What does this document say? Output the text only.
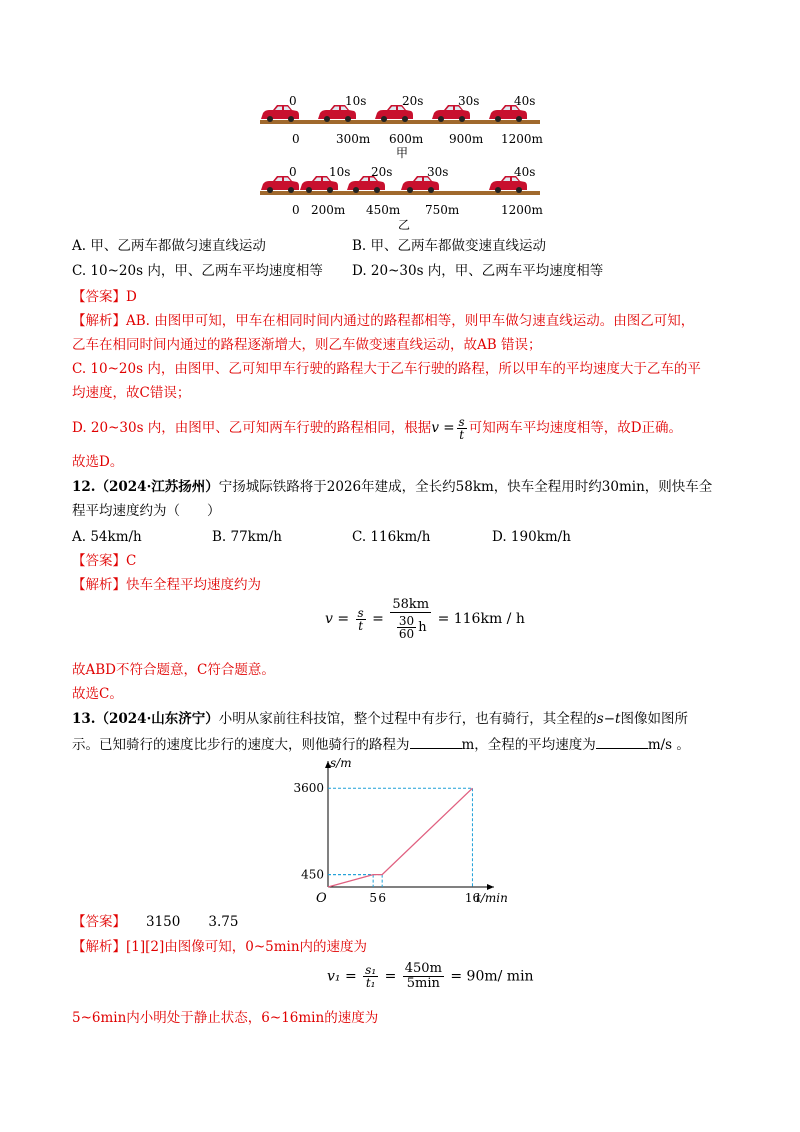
0	10s	20s	30s	40s
0	300m 600m 900m 1200m
甲
0	10s 20s	30s	40s
0 200m 450m 750m	1200m
乙
A. 甲、乙两车都做匀速直线运动	B. 甲、乙两车都做变速直线运动
C. 10~20s 内，甲、乙两车平均速度相等 D. 20~30s 内，甲、乙两车平均速度相等
【答案】D
【解析】AB. 由图甲可知，甲车在相同时间内通过的路程都相等，则甲车做匀速直线运动。由图乙可知，
乙车在相同时间内通过的路程逐渐增大，则乙车做变速直线运动，故AB 错误；
C. 10~20s 内，由图甲、乙可知甲车行驶的路程大于乙车行驶的路程，所以甲车的平均速度大于乙车的平
均速度，故C错误；
D. 20~30s 内，由图甲、乙可知两车行驶的路程相同，根据$v = \frac{s}{t}$ 可知两车平均速度相等，故D正确。
故选D。
12.（2024·江苏扬州）宁扬城际铁路将于2026年建成，全长约58km，快车全程用时约30min，则快车全
程平均速度约为（　　）
A. 54km/h	B. 77km/h	C. 116km/h	D. 190km/h
【答案】C
【解析】快车全程平均速度约为
$v = \frac{s}{t} = \frac{58km}{\frac{30}{60} h} = 116km / h$
故ABD不符合题意，C符合题意。
故选C。
13.（2024·山东济宁）小明从家前往科技馆，整个过程中有步行，也有骑行，其全程的s−t图像如图所
示。已知骑行的速度比步行的速度大，则他骑行的路程为	m，全程的平均速度为	m/s 。
5 6	16
450
3600
s/m
t/min
O
【答案】 3150 3.75
【解析】[1][2]由图像可知，0~5min内的速度为
$v_1 = \frac{\text{s₁}}{\text{t₁}} = \frac{450m}{5\min} = 90m/$ min
5~6min内小明处于静止状态，6~16min的速度为
